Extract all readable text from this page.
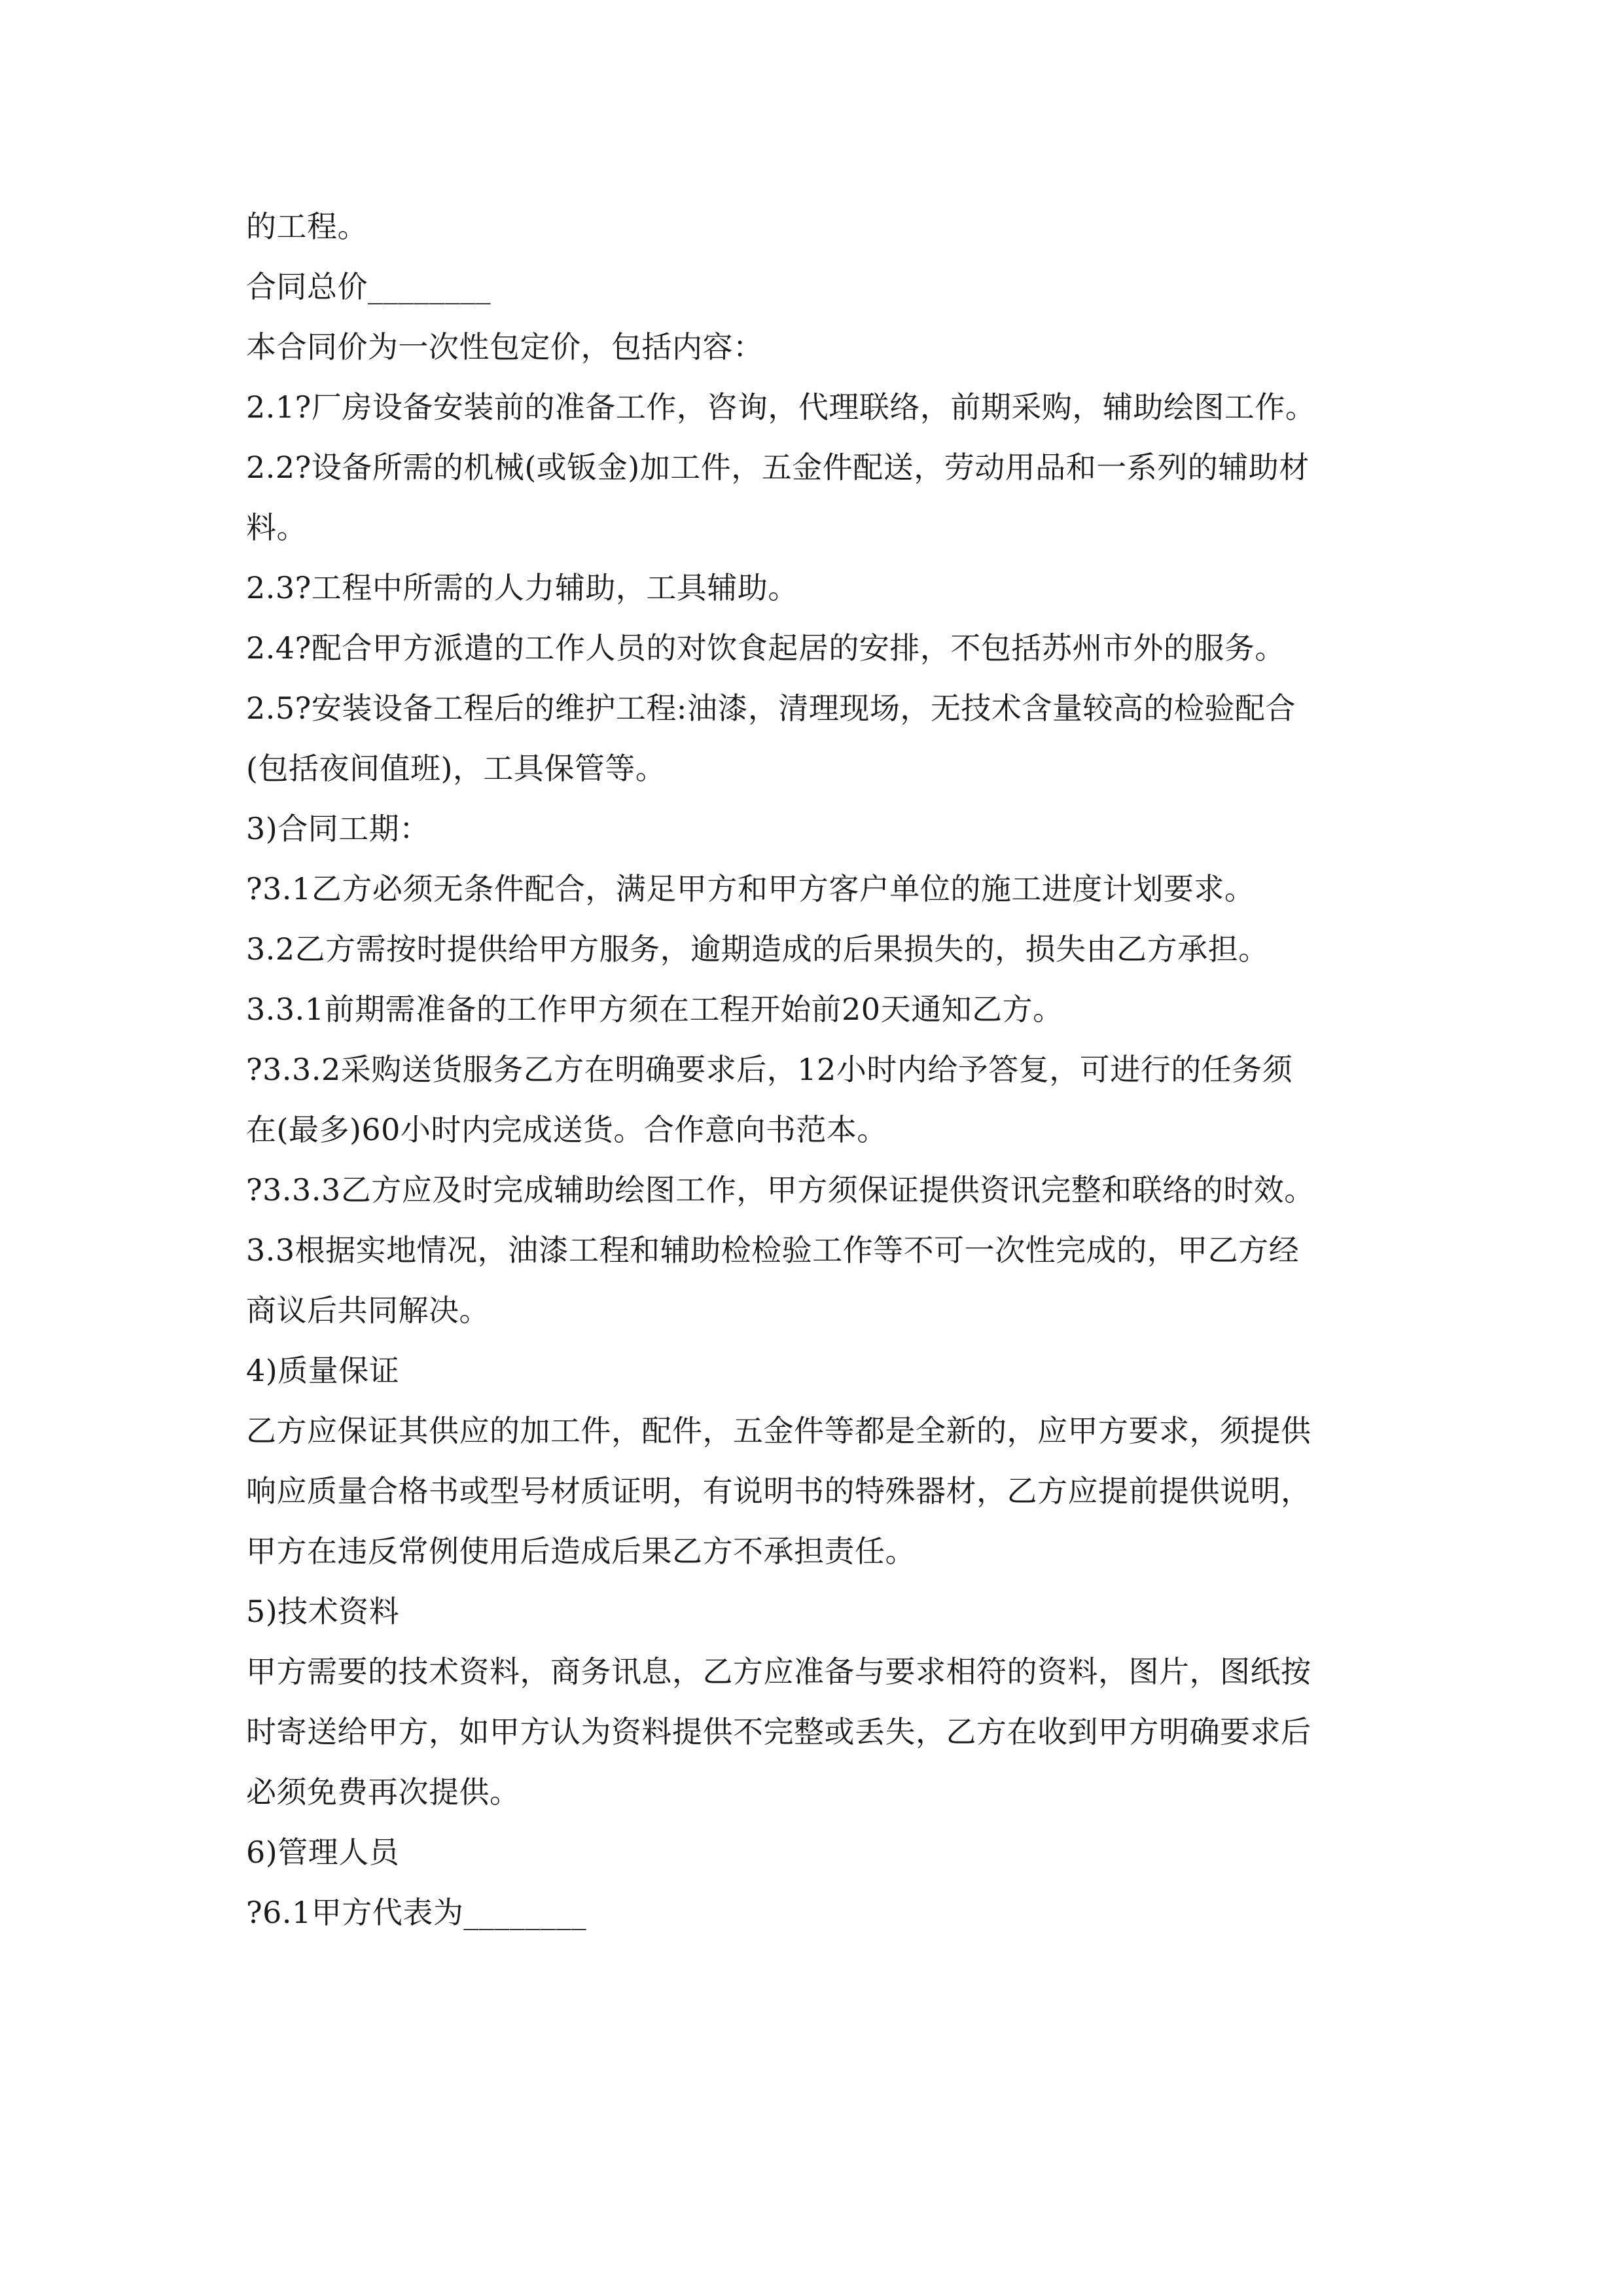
的工程。
合同总价________
本合同价为一次性包定价，包括内容：
2.1?厂房设备安装前的准备工作，咨询，代理联络，前期采购，辅助绘图工作。
2.2?设备所需的机械(或钣金)加工件，五金件配送，劳动用品和一系列的辅助材
料。
2.3?工程中所需的人力辅助，工具辅助。
2.4?配合甲方派遣的工作人员的对饮食起居的安排，不包括苏州市外的服务。
2.5?安装设备工程后的维护工程:油漆，清理现场，无技术含量较高的检验配合
(包括夜间值班)，工具保管等。
3)合同工期：
?3.1乙方必须无条件配合，满足甲方和甲方客户单位的施工进度计划要求。
3.2乙方需按时提供给甲方服务，逾期造成的后果损失的，损失由乙方承担。
3.3.1前期需准备的工作甲方须在工程开始前20天通知乙方。
?3.3.2采购送货服务乙方在明确要求后，12小时内给予答复，可进行的任务须
在(最多)60小时内完成送货。合作意向书范本。
?3.3.3乙方应及时完成辅助绘图工作，甲方须保证提供资讯完整和联络的时效。
3.3根据实地情况，油漆工程和辅助检检验工作等不可一次性完成的，甲乙方经
商议后共同解决。
4)质量保证
乙方应保证其供应的加工件，配件，五金件等都是全新的，应甲方要求，须提供
响应质量合格书或型号材质证明，有说明书的特殊器材，乙方应提前提供说明，
甲方在违反常例使用后造成后果乙方不承担责任。
5)技术资料
甲方需要的技术资料，商务讯息，乙方应准备与要求相符的资料，图片，图纸按
时寄送给甲方，如甲方认为资料提供不完整或丢失，乙方在收到甲方明确要求后
必须免费再次提供。
6)管理人员
?6.1甲方代表为________
